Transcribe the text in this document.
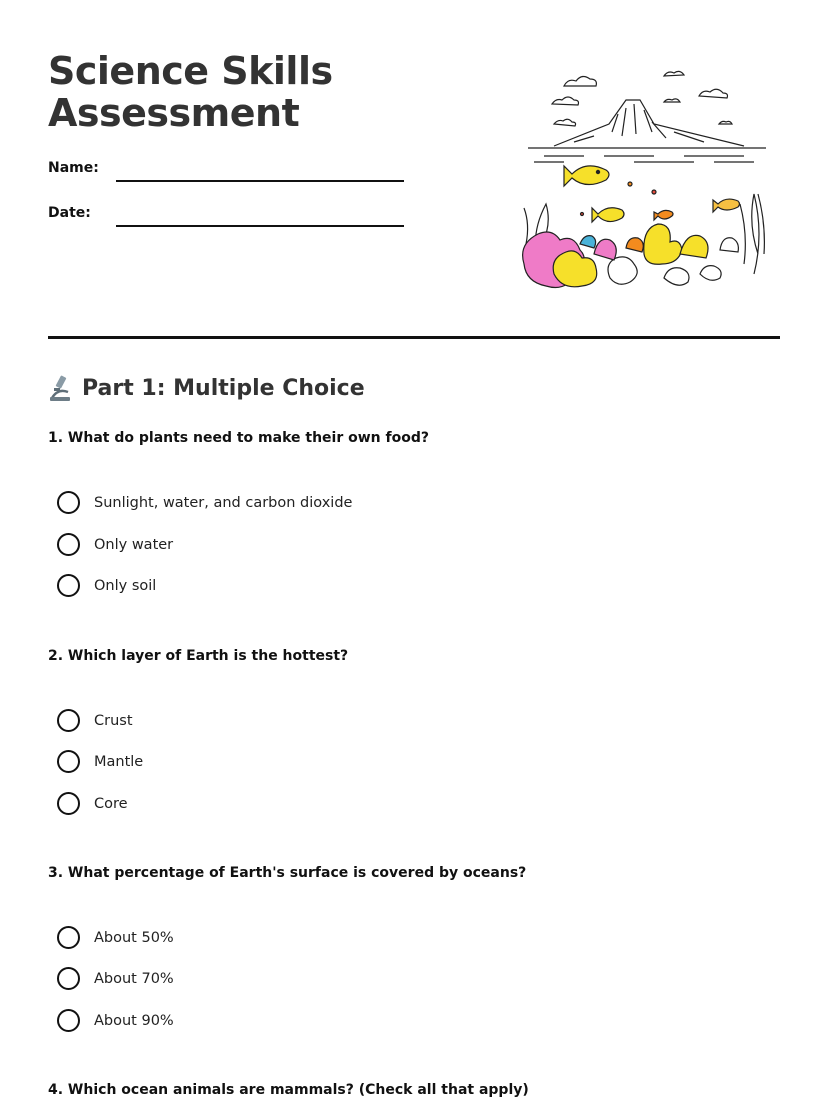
Science Skills Assessment
Name:
Date:
Part 1: Multiple Choice
1. What do plants need to make their own food?
Sunlight, water, and carbon dioxide
Only water
Only soil
2. Which layer of Earth is the hottest?
Crust
Mantle
Core
3. What percentage of Earth's surface is covered by oceans?
About 50%
About 70%
About 90%
4. Which ocean animals are mammals? (Check all that apply)
